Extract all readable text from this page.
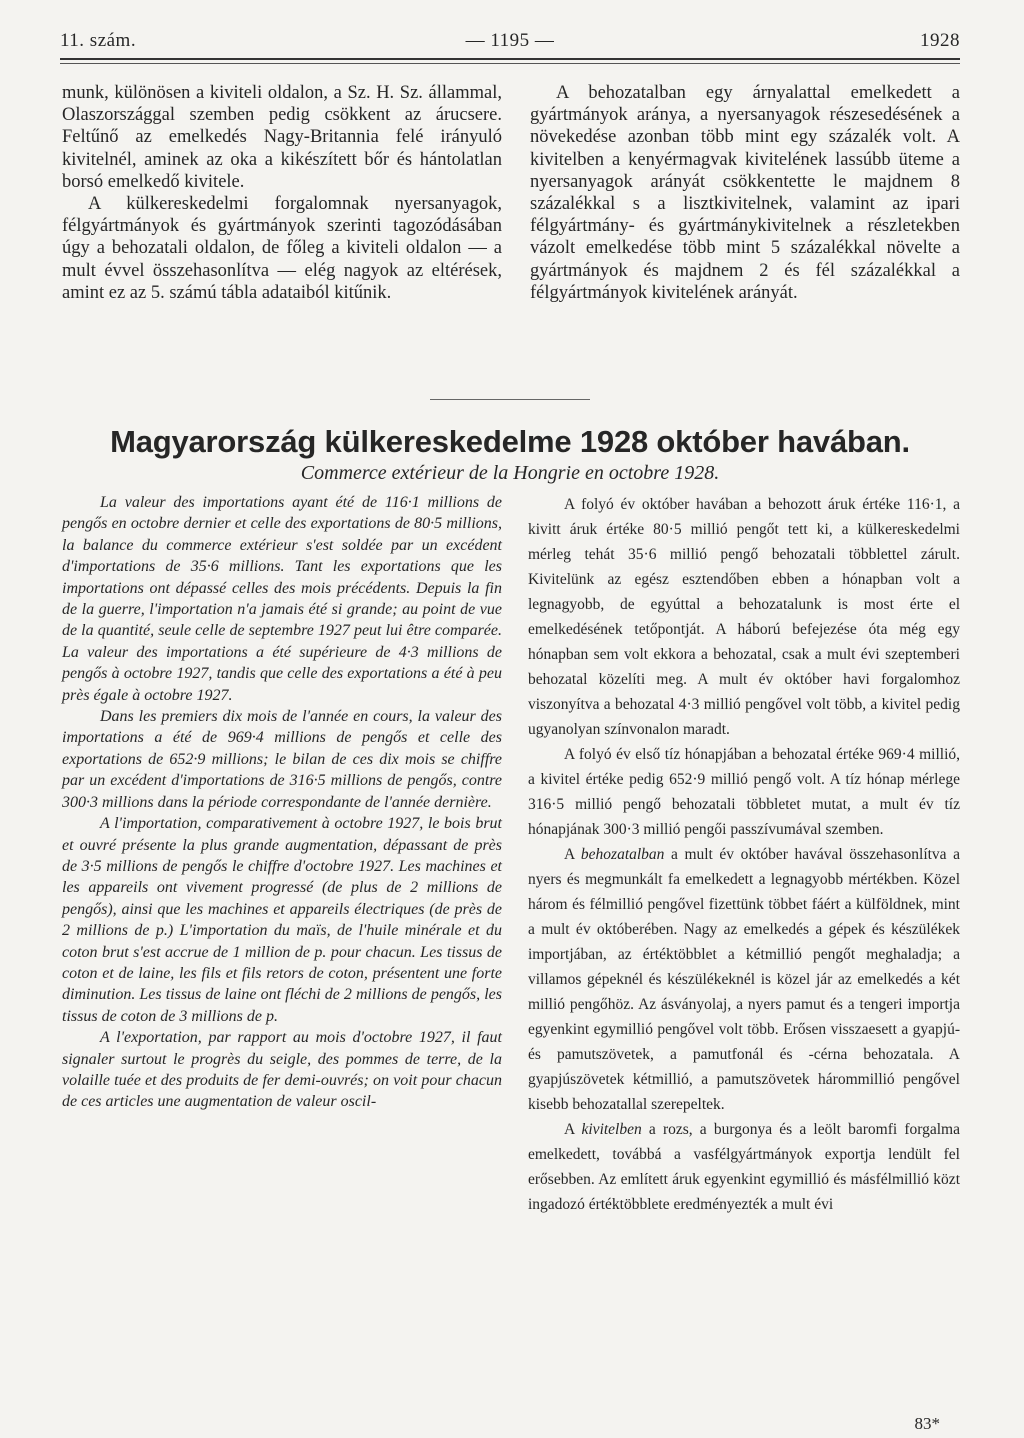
11. szám.	— 1195 —	1928

munk, különösen a kiviteli oldalon, a Sz. H. Sz. állammal, Olaszországgal szemben pedig csökkent az árucsere. Feltűnő az emelkedés Nagy-Britannia felé irányuló kivitelnél, aminek az oka a kikészített bőr és hántolatlan borsó emelkedő kivitele.

A külkereskedelmi forgalomnak nyersanyagok, félgyártmányok és gyártmányok szerinti tagozódásában úgy a behozatali oldalon, de főleg a kiviteli oldalon — a mult évvel összehasonlítva — elég nagyok az eltérések, amint ez az 5. számú tábla adataiból kitűnik.

A behozatalban egy árnyalattal emelkedett a gyártmányok aránya, a nyersanyagok részesedésének a növekedése azonban több mint egy százalék volt. A kivitelben a kenyérmagvak kivitelének lassúbb üteme a nyersanyagok arányát csökkentette le majdnem 8 százalékkal s a lisztkivitelnek, valamint az ipari félgyártmány- és gyártmánykivitelnek a részletekben vázolt emelkedése több mint 5 százalékkal növelte a gyártmányok és majdnem 2 és fél százalékkal a félgyártmányok kivitelének arányát.

Magyarország külkereskedelme 1928 október havában.
Commerce extérieur de la Hongrie en octobre 1928.

La valeur des importations ayant été de 116·1 millions de pengős en octobre dernier et celle des exportations de 80·5 millions, la balance du commerce extérieur s'est soldée par un excédent d'importations de 35·6 millions. Tant les exportations que les importations ont dépassé celles des mois précédents. Depuis la fin de la guerre, l'importation n'a jamais été si grande; au point de vue de la quantité, seule celle de septembre 1927 peut lui être comparée. La valeur des importations a été supérieure de 4·3 millions de pengős à octobre 1927, tandis que celle des exportations a été à peu près égale à octobre 1927.

Dans les premiers dix mois de l'année en cours, la valeur des importations a été de 969·4 millions de pengős et celle des exportations de 652·9 millions; le bilan de ces dix mois se chiffre par un excédent d'importations de 316·5 millions de pengős, contre 300·3 millions dans la période correspondante de l'année dernière.

A l'importation, comparativement à octobre 1927, le bois brut et ouvré présente la plus grande augmentation, dépassant de près de 3·5 millions de pengős le chiffre d'octobre 1927. Les machines et les appareils ont vivement progressé (de plus de 2 millions de pengős), ainsi que les machines et appareils électriques (de près de 2 millions de p.) L'importation du maïs, de l'huile minérale et du coton brut s'est accrue de 1 million de p. pour chacun. Les tissus de coton et de laine, les fils et fils retors de coton, présentent une forte diminution. Les tissus de laine ont fléchi de 2 millions de pengős, les tissus de coton de 3 millions de p.

A l'exportation, par rapport au mois d'octobre 1927, il faut signaler surtout le progrès du seigle, des pommes de terre, de la volaille tuée et des produits de fer demi-ouvrés; on voit pour chacun de ces articles une augmentation de valeur oscil-

A folyó év október havában a behozott áruk értéke 116·1, a kivitt áruk értéke 80·5 millió pengőt tett ki, a külkereskedelmi mérleg tehát 35·6 millió pengő behozatali többlettel zárult. Kivitelünk az egész esztendőben ebben a hónapban volt a legnagyobb, de egyúttal a behozatalunk is most érte el emelkedésének tetőpontját. A háború befejezése óta még egy hónapban sem volt ekkora a behozatal, csak a mult évi szeptemberi behozatal közelíti meg. A mult év október havi forgalomhoz viszonyítva a behozatal 4·3 millió pengővel volt több, a kivitel pedig ugyanolyan színvonalon maradt.

A folyó év első tíz hónapjában a behozatal értéke 969·4 millió, a kivitel értéke pedig 652·9 millió pengő volt. A tíz hónap mérlege 316·5 millió pengő behozatali többletet mutat, a mult év tíz hónapjának 300·3 millió pengői passzívumával szemben.

A behozatalban a mult év október havával összehasonlítva a nyers és megmunkált fa emelkedett a legnagyobb mértékben. Közel három és félmillió pengővel fizettünk többet fáért a külföldnek, mint a mult év októberében. Nagy az emelkedés a gépek és készülékek importjában, az értéktöbblet a kétmillió pengőt meghaladja; a villamos gépeknél és készülékeknél is közel jár az emelkedés a két millió pengőhöz. Az ásványolaj, a nyers pamut és a tengeri importja egyenkint egymillió pengővel volt több. Erősen visszaesett a gyapjú- és pamutszövetek, a pamutfonál és -cérna behozatala. A gyapjúszövetek kétmillió, a pamutszövetek hárommillió pengővel kisebb behozatallal szerepeltek.

A kivitelben a rozs, a burgonya és a leölt baromfi forgalma emelkedett, továbbá a vasfélgyártmányok exportja lendült fel erősebben. Az említett áruk egyenkint egymillió és másfélmillió közt ingadozó értéktöbblete eredményezték a mult évi

83*
